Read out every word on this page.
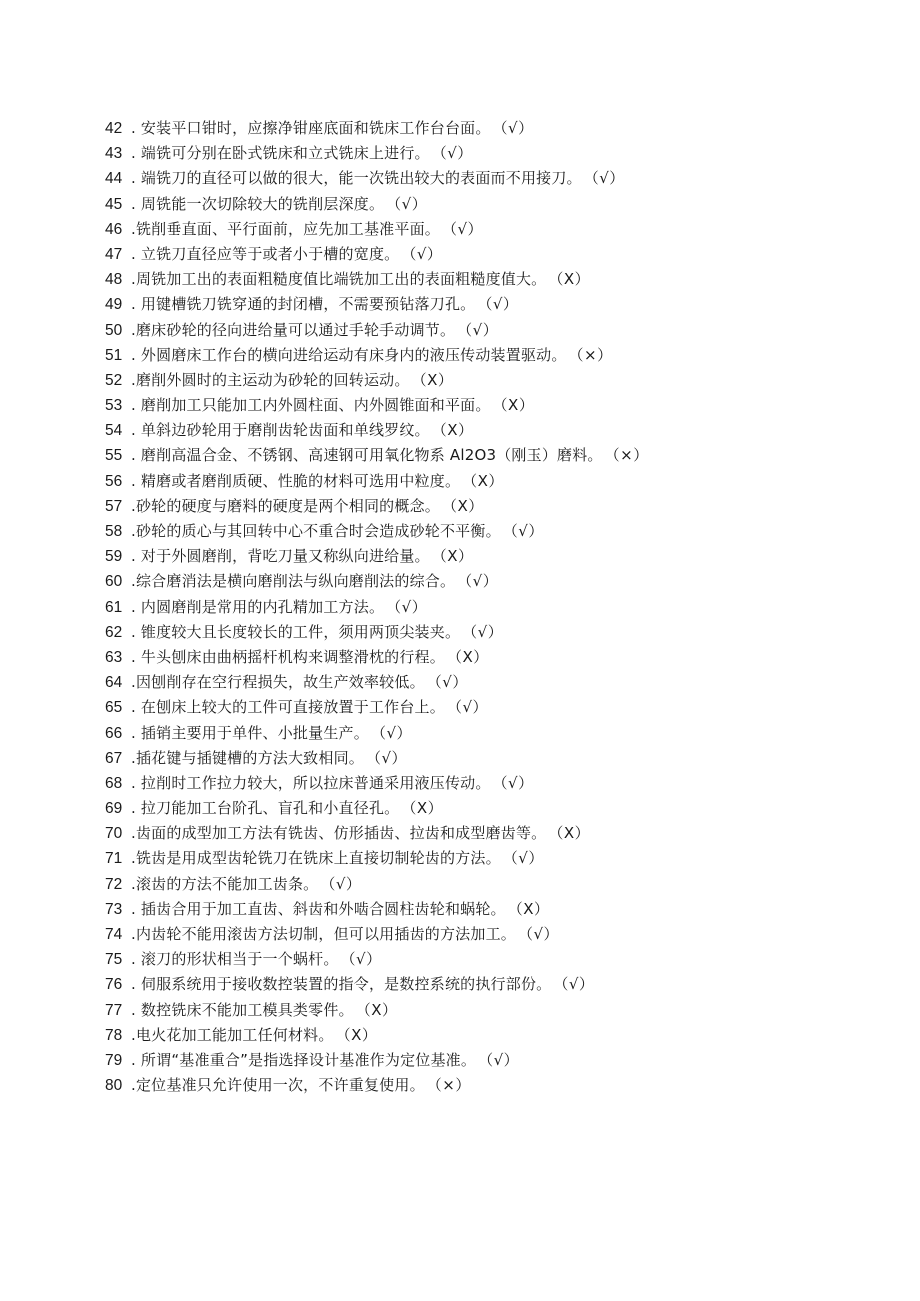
42 . 安装平口钳时，应擦净钳座底面和铣床工作台台面。 （√）
43 . 端铣可分别在卧式铣床和立式铣床上进行。 （√）
44 . 端铣刀的直径可以做的很大，能一次铣出较大的表面而不用接刀。 （√）
45 . 周铣能一次切除较大的铣削层深度。 （√）
46 .铣削垂直面、平行面前，应先加工基准平面。 （√）
47 . 立铣刀直径应等于或者小于槽的宽度。 （√）
48 .周铣加工出的表面粗糙度值比端铣加工出的表面粗糙度值大。 （X）
49 . 用键槽铣刀铣穿通的封闭槽，不需要预钻落刀孔。 （√）
50 .磨床砂轮的径向进给量可以通过手轮手动调节。 （√）
51 . 外圆磨床工作台的横向进给运动有床身内的液压传动装置驱动。 （×）
52 .磨削外圆时的主运动为砂轮的回转运动。 （X）
53 . 磨削加工只能加工内外圆柱面、内外圆锥面和平面。 （X）
54 . 单斜边砂轮用于磨削齿轮齿面和单线罗纹。 （X）
55 . 磨削高温合金、不锈钢、高速钢可用氧化物系 Al2O3（刚玉）磨料。 （×）
56 . 精磨或者磨削质硬、性脆的材料可选用中粒度。 （X）
57 .砂轮的硬度与磨料的硬度是两个相同的概念。 （X）
58 .砂轮的质心与其回转中心不重合时会造成砂轮不平衡。 （√）
59 . 对于外圆磨削，背吃刀量又称纵向进给量。 （X）
60 .综合磨消法是横向磨削法与纵向磨削法的综合。 （√）
61 . 内圆磨削是常用的内孔精加工方法。 （√）
62 . 锥度较大且长度较长的工件，须用两顶尖装夹。 （√）
63 . 牛头刨床由曲柄摇杆机构来调整滑枕的行程。 （X）
64 .因刨削存在空行程损失，故生产效率较低。 （√）
65 . 在刨床上较大的工件可直接放置于工作台上。 （√）
66 . 插销主要用于单件、小批量生产。 （√）
67 .插花键与插键槽的方法大致相同。 （√）
68 . 拉削时工作拉力较大，所以拉床普通采用液压传动。 （√）
69 . 拉刀能加工台阶孔、盲孔和小直径孔。 （X）
70 .齿面的成型加工方法有铣齿、仿形插齿、拉齿和成型磨齿等。 （X）
71 .铣齿是用成型齿轮铣刀在铣床上直接切制轮齿的方法。 （√）
72 .滚齿的方法不能加工齿条。 （√）
73 . 插齿合用于加工直齿、斜齿和外啮合圆柱齿轮和蜗轮。 （X）
74 .内齿轮不能用滚齿方法切制，但可以用插齿的方法加工。 （√）
75 . 滚刀的形状相当于一个蜗杆。 （√）
76 . 伺服系统用于接收数控装置的指令，是数控系统的执行部份。 （√）
77 . 数控铣床不能加工模具类零件。 （X）
78 .电火花加工能加工任何材料。 （X）
79 . 所谓“基准重合”是指选择设计基准作为定位基准。 （√）
80 .定位基准只允许使用一次，不许重复使用。 （×）
